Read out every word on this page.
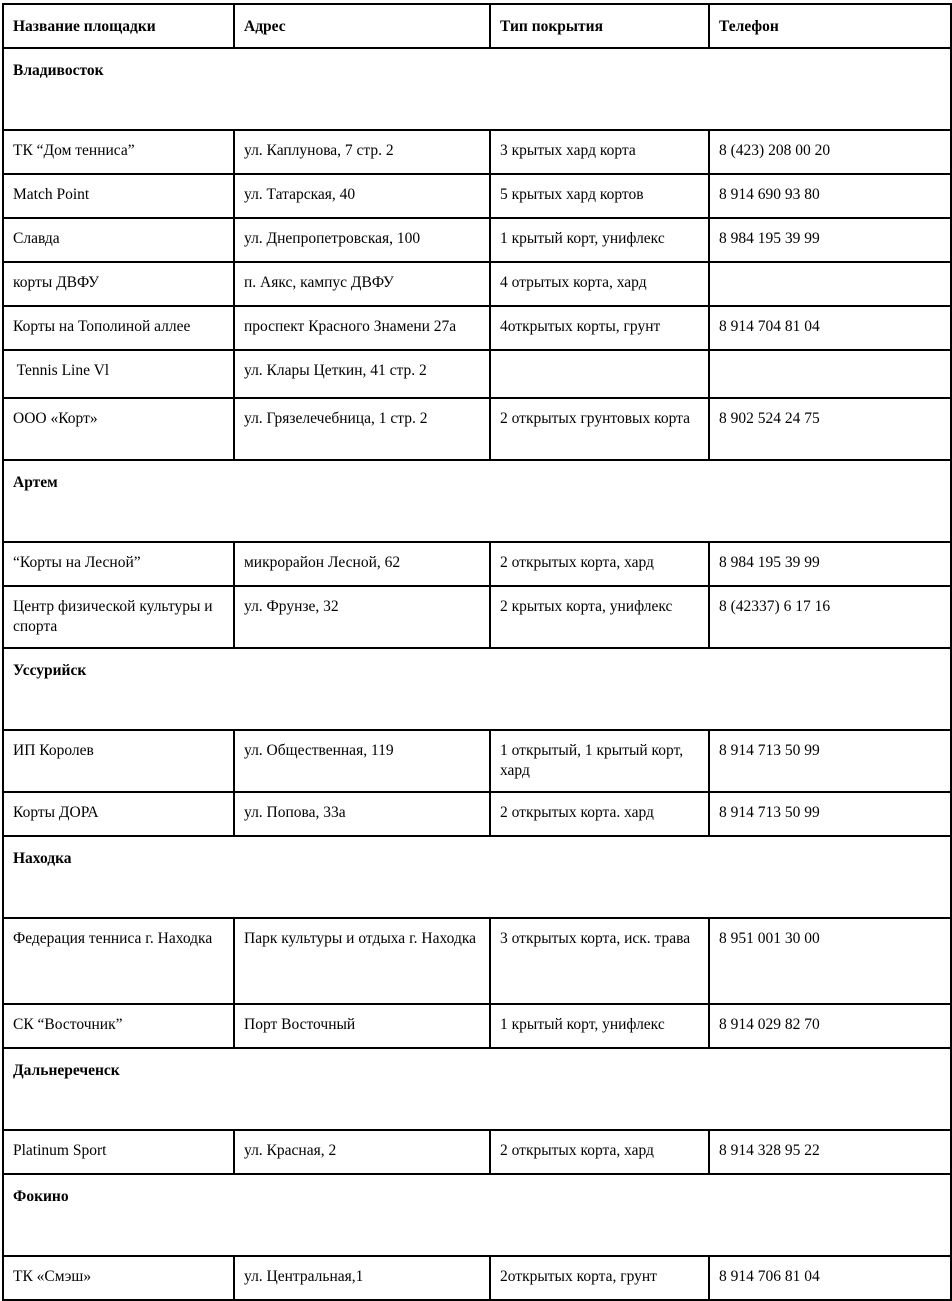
Название площадки	Адрес	Тип покрытия	Телефон
Владивосток			
ТК “Дом тенниса”	ул. Каплунова, 7 стр. 2	3 крытых хард корта	8 (423) 208 00 20
Match Point	ул. Татарская, 40	5 крытых хард кортов	8 914 690 93 80
Славда	ул. Днепропетровская, 100	1 крытый корт, унифлекс	8 984 195 39 99
корты ДВФУ	п. Аякс, кампус ДВФУ	4 отрытых корта, хард	
Корты на Тополиной аллее	проспект Красного Знамени 27а	4открытых корты, грунт	8 914 704 81 04
Tennis Line Vl	ул. Клары Цеткин, 41 стр. 2		
ООО «Корт»	ул. Грязелечебница, 1 стр. 2	2 открытых грунтовых корта	8 902 524 24 75
Артем			
“Корты на Лесной”	микрорайон Лесной, 62	2 открытых корта, хард	8 984 195 39 99
Центр физической культуры и спорта	ул. Фрунзе, 32	2 крытых корта, унифлекс	8 (42337) 6 17 16
Уссурийск			
ИП Королев	ул. Общественная, 119	1 открытый, 1 крытый корт, хард	8 914 713 50 99
Корты ДОРА	ул. Попова, 33а	2 открытых корта. хард	8 914 713 50 99
Находка			
Федерация тенниса г. Находка	Парк культуры и отдыха г. Находка	3 открытых корта, иск. трава	8 951 001 30 00
СК “Восточник”	Порт Восточный	1 крытый корт, унифлекс	8 914 029 82 70
Дальнереченск			
Platinum Sport	ул. Красная, 2	2 открытых корта, хард	8 914 328 95 22
Фокино			
ТК «Смэш»	ул. Центральная,1	2открытых корта, грунт	8 914 706 81 04
